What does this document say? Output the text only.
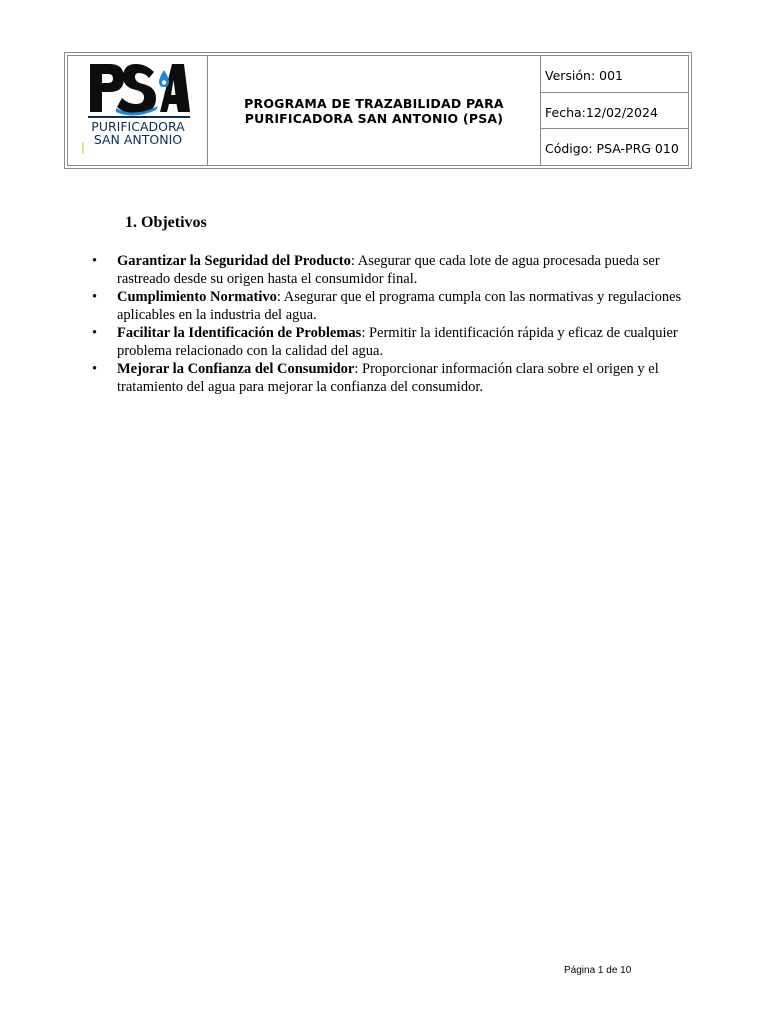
PURIFICADORA
SAN ANTONIO
PROGRAMA DE TRAZABILIDAD PARA
PURIFICADORA SAN ANTONIO (PSA)
Versión: 001
Fecha:12/02/2024
Código: PSA-PRG 010
1. Objetivos
• Garantizar la Seguridad del Producto: Asegurar que cada lote de agua procesada pueda ser rastreado desde su origen hasta el consumidor final.
• Cumplimiento Normativo: Asegurar que el programa cumpla con las normativas y regulaciones aplicables en la industria del agua.
• Facilitar la Identificación de Problemas: Permitir la identificación rápida y eficaz de cualquier problema relacionado con la calidad del agua.
• Mejorar la Confianza del Consumidor: Proporcionar información clara sobre el origen y el tratamiento del agua para mejorar la confianza del consumidor.
Página 1 de 10
